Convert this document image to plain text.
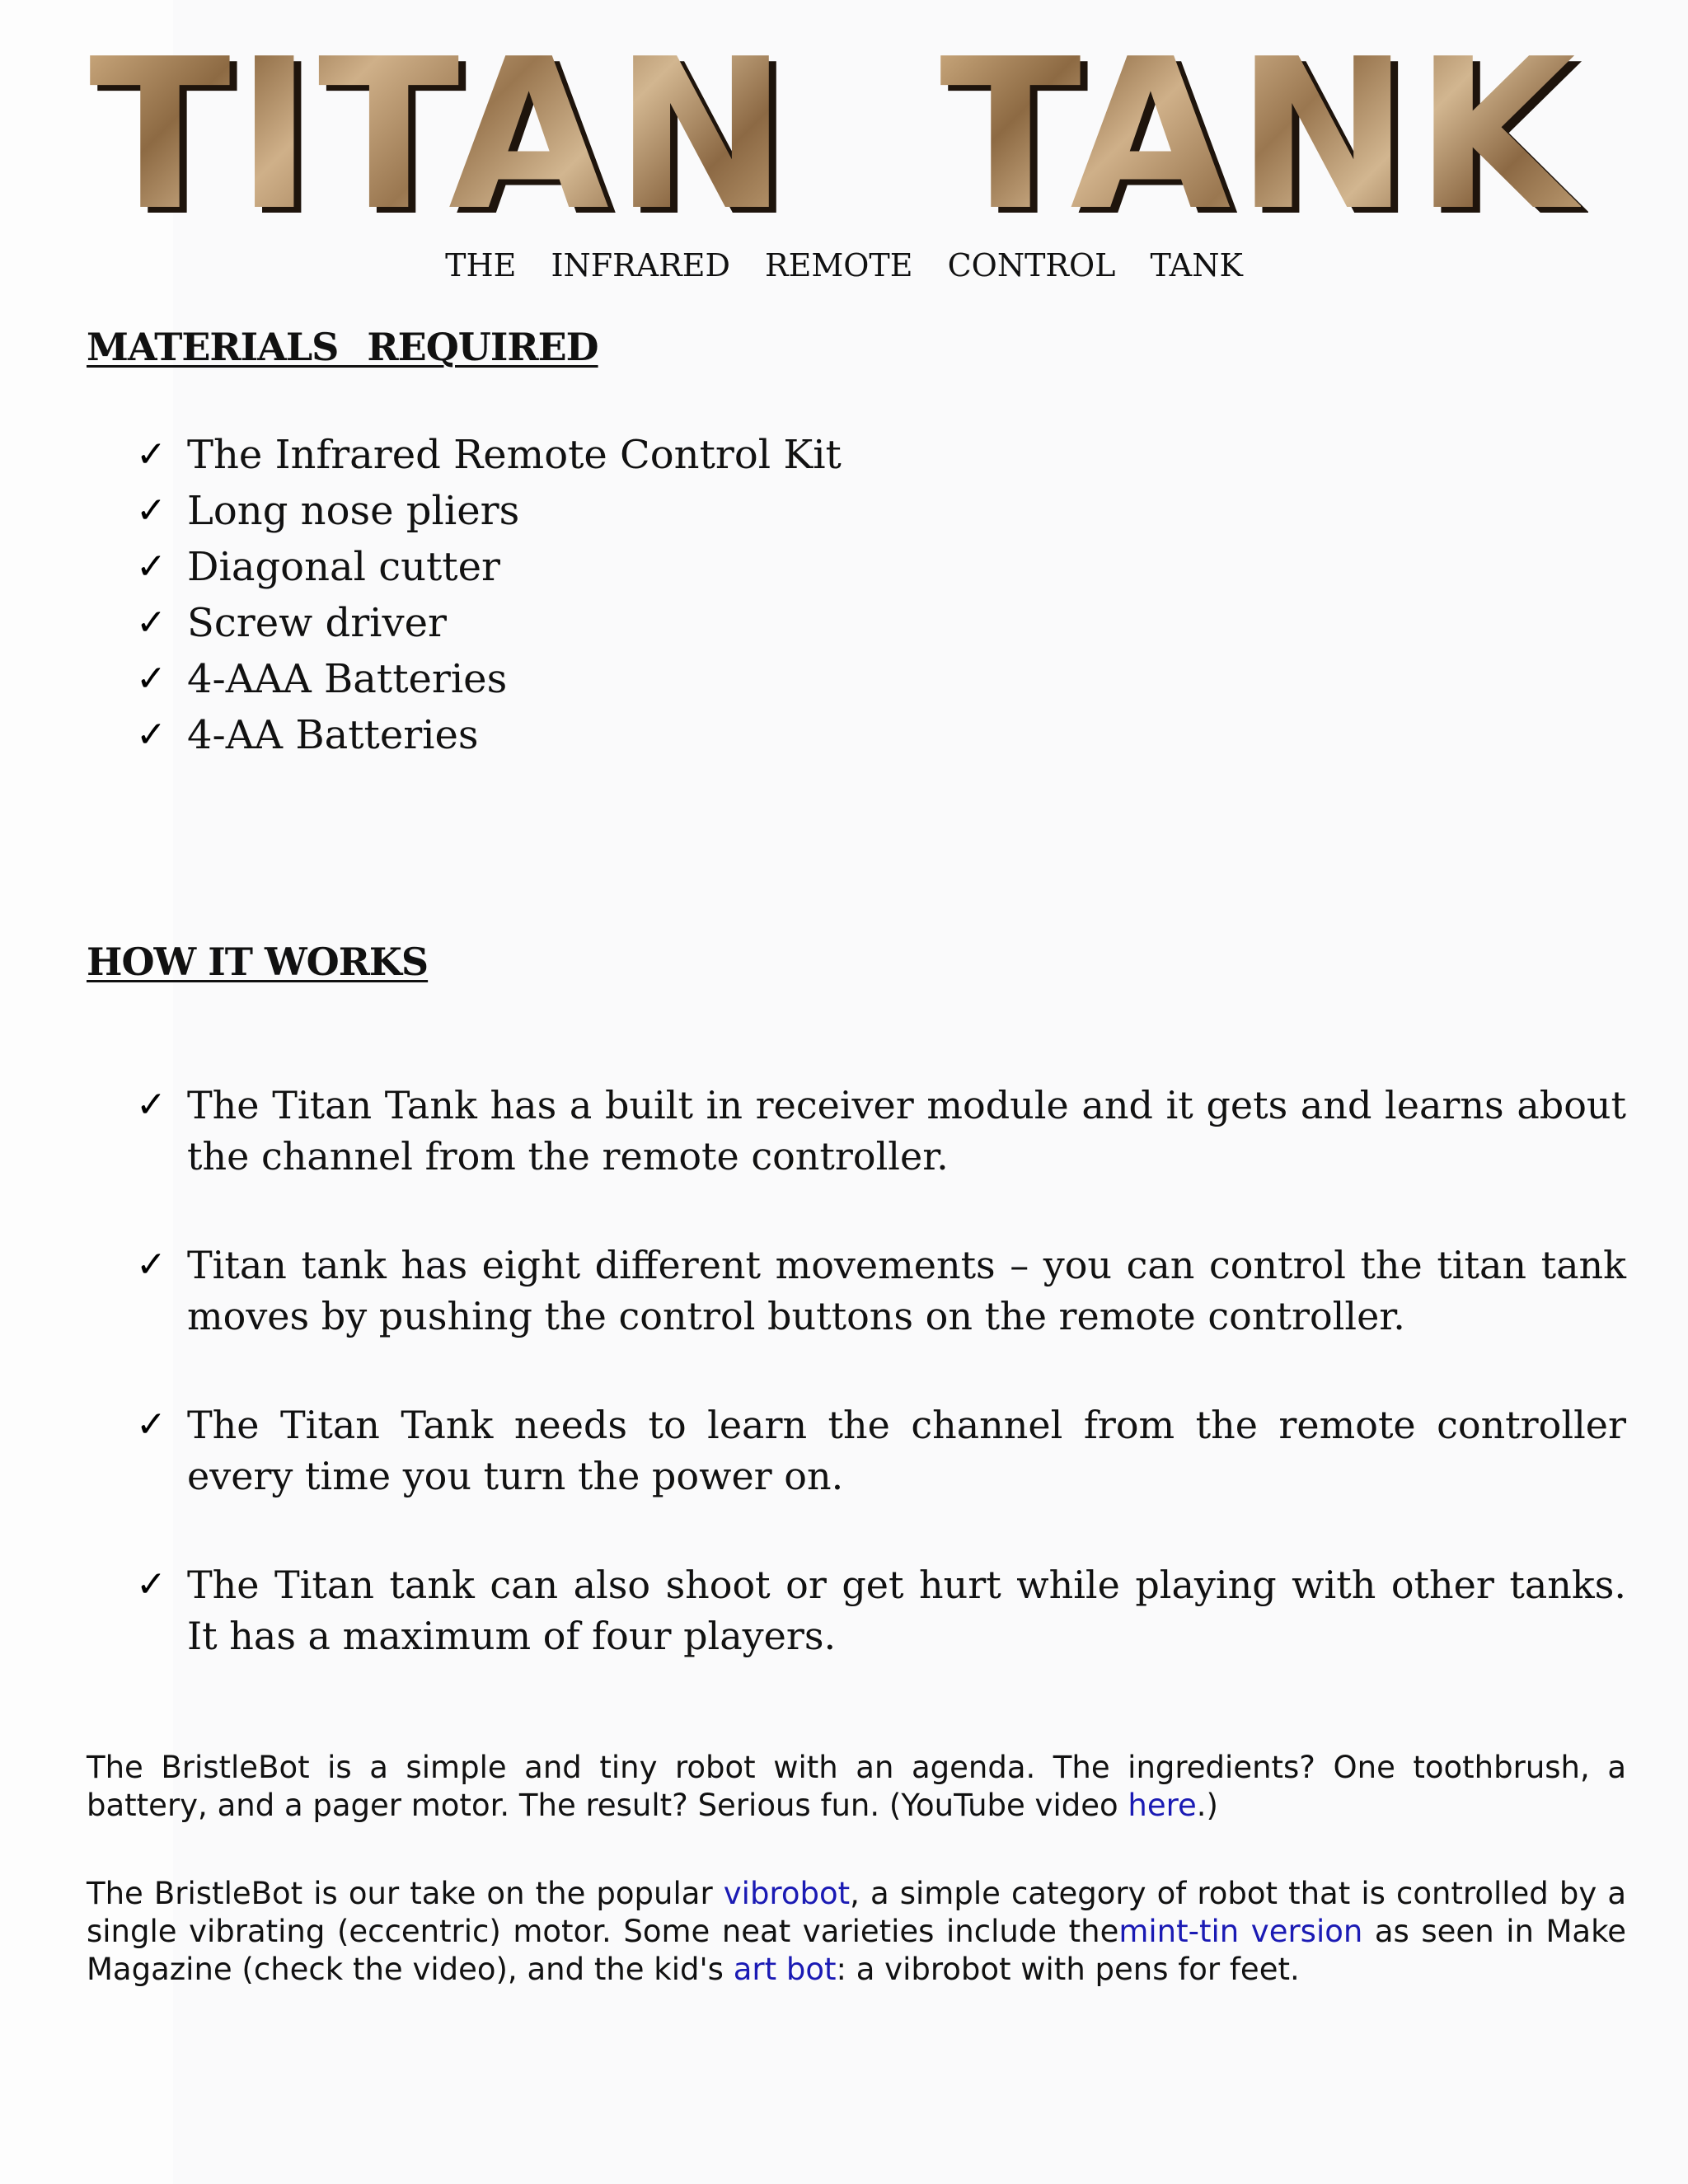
TITAN TANK
THE INFRARED REMOTE CONTROL TANK
MATERIALS REQUIRED
✓ The Infrared Remote Control Kit
✓ Long nose pliers
✓ Diagonal cutter
✓ Screw driver
✓ 4-AAA Batteries
✓ 4-AA Batteries
HOW IT WORKS
✓ The Titan Tank has a built in receiver module and it gets and learns about the channel from the remote controller.
✓ Titan tank has eight different movements – you can control the titan tank moves by pushing the control buttons on the remote controller.
✓ The Titan Tank needs to learn the channel from the remote controller every time you turn the power on.
✓ The Titan tank can also shoot or get hurt while playing with other tanks. It has a maximum of four players.

The BristleBot is a simple and tiny robot with an agenda. The ingredients? One toothbrush, a battery, and a pager motor. The result? Serious fun. (YouTube video here.)

The BristleBot is our take on the popular vibrobot, a simple category of robot that is controlled by a single vibrating (eccentric) motor. Some neat varieties include themint-tin version as seen in Make Magazine (check the video), and the kid's art bot: a vibrobot with pens for feet.
